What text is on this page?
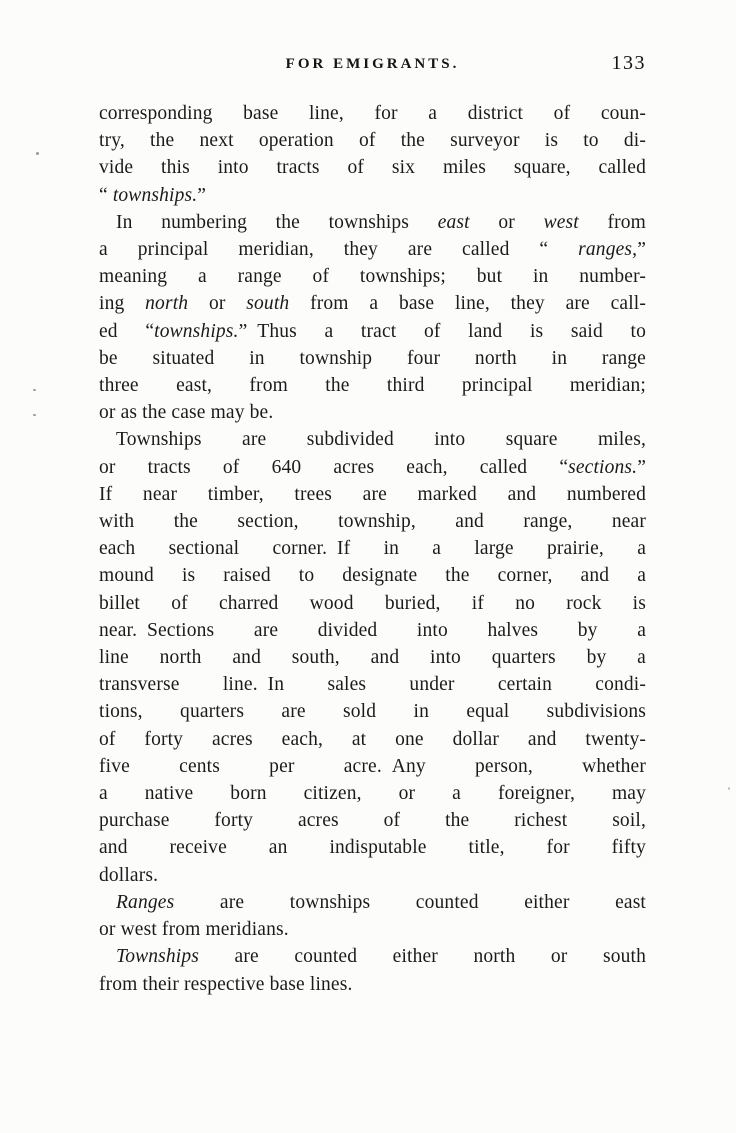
FOR EMIGRANTS.	133
corresponding base line, for a district of coun-
try, the next operation of the surveyor is to di-
vide this into tracts of six miles square, called
“ townships.”
In numbering the townships east or west from
a principal meridian, they are called “ ranges,”
meaning a range of townships; but in number-
ing north or south from a base line, they are call-
ed “townships.” Thus a tract of land is said to
be situated in township four north in range
three east, from the third principal meridian;
or as the case may be.
Townships are subdivided into square miles,
or tracts of 640 acres each, called “sections.”
If near timber, trees are marked and numbered
with the section, township, and range, near
each sectional corner. If in a large prairie, a
mound is raised to designate the corner, and a
billet of charred wood buried, if no rock is
near. Sections are divided into halves by a
line north and south, and into quarters by a
transverse line. In sales under certain condi-
tions, quarters are sold in equal subdivisions
of forty acres each, at one dollar and twenty-
five cents per acre. Any person, whether
a native born citizen, or a foreigner, may
purchase forty acres of the richest soil,
and receive an indisputable title, for fifty
dollars.
Ranges are townships counted either east
or west from meridians.
Townships are counted either north or south
from their respective base lines.
